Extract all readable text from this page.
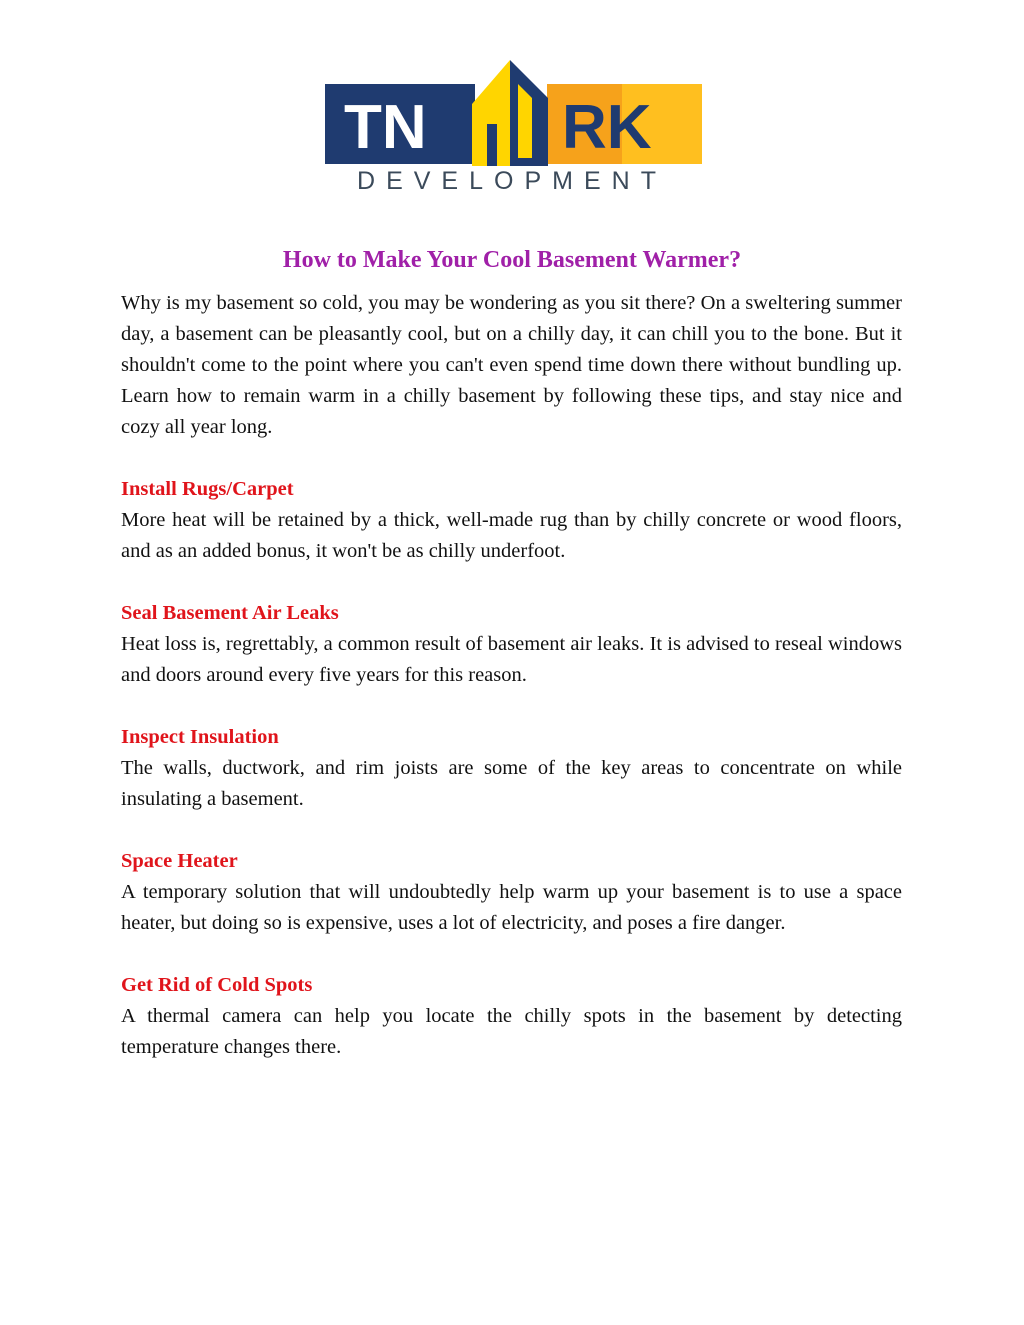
TN RK
DEVELOPMENT
How to Make Your Cool Basement Warmer?

Why is my basement so cold, you may be wondering as you sit there? On a sweltering summer day, a basement can be pleasantly cool, but on a chilly day, it can chill you to the bone. But it shouldn't come to the point where you can't even spend time down there without bundling up. Learn how to remain warm in a chilly basement by following these tips, and stay nice and cozy all year long.

Install Rugs/Carpet

More heat will be retained by a thick, well-made rug than by chilly concrete or wood floors, and as an added bonus, it won't be as chilly underfoot.

Seal Basement Air Leaks

Heat loss is, regrettably, a common result of basement air leaks. It is advised to reseal windows and doors around every five years for this reason.

Inspect Insulation

The walls, ductwork, and rim joists are some of the key areas to concentrate on while insulating a basement.

Space Heater

A temporary solution that will undoubtedly help warm up your basement is to use a space heater, but doing so is expensive, uses a lot of electricity, and poses a fire danger.

Get Rid of Cold Spots

A thermal camera can help you locate the chilly spots in the basement by detecting temperature changes there.
